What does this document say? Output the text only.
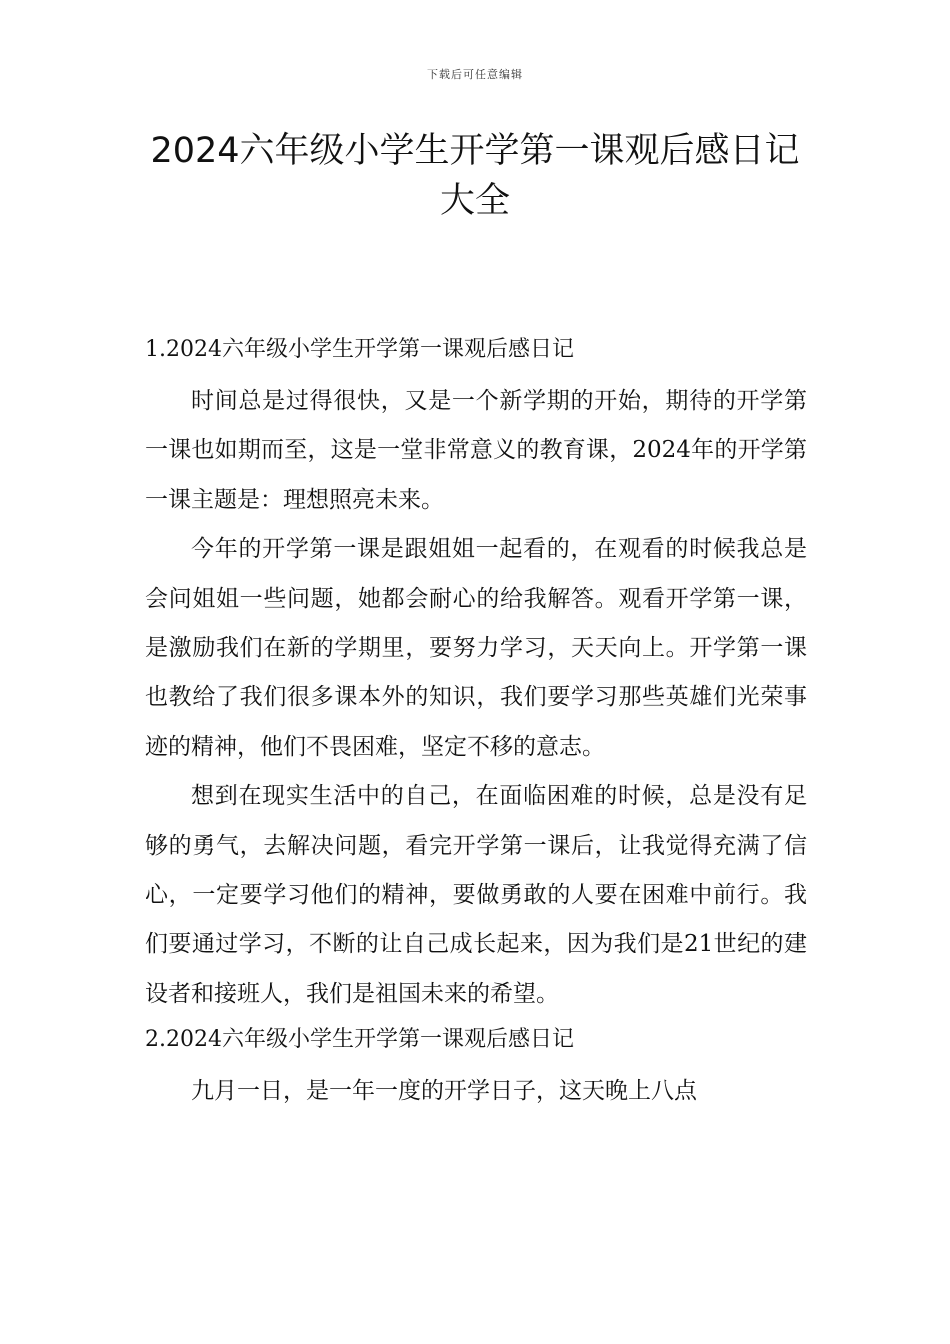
下载后可任意编辑
2024六年级小学生开学第一课观后感日记
大全

1.2024六年级小学生开学第一课观后感日记

时间总是过得很快，又是一个新学期的开始，期待的开学第一课也如期而至，这是一堂非常意义的教育课，2024年的开学第一课主题是：理想照亮未来。

今年的开学第一课是跟姐姐一起看的，在观看的时候我总是会问姐姐一些问题，她都会耐心的给我解答。观看开学第一课，是激励我们在新的学期里，要努力学习，天天向上。开学第一课也教给了我们很多课本外的知识，我们要学习那些英雄们光荣事迹的精神，他们不畏困难，坚定不移的意志。

想到在现实生活中的自己，在面临困难的时候，总是没有足够的勇气，去解决问题，看完开学第一课后，让我觉得充满了信心，一定要学习他们的精神，要做勇敢的人要在困难中前行。我们要通过学习，不断的让自己成长起来，因为我们是21世纪的建设者和接班人，我们是祖国未来的希望。

2.2024六年级小学生开学第一课观后感日记

九月一日，是一年一度的开学日子，这天晚上八点
